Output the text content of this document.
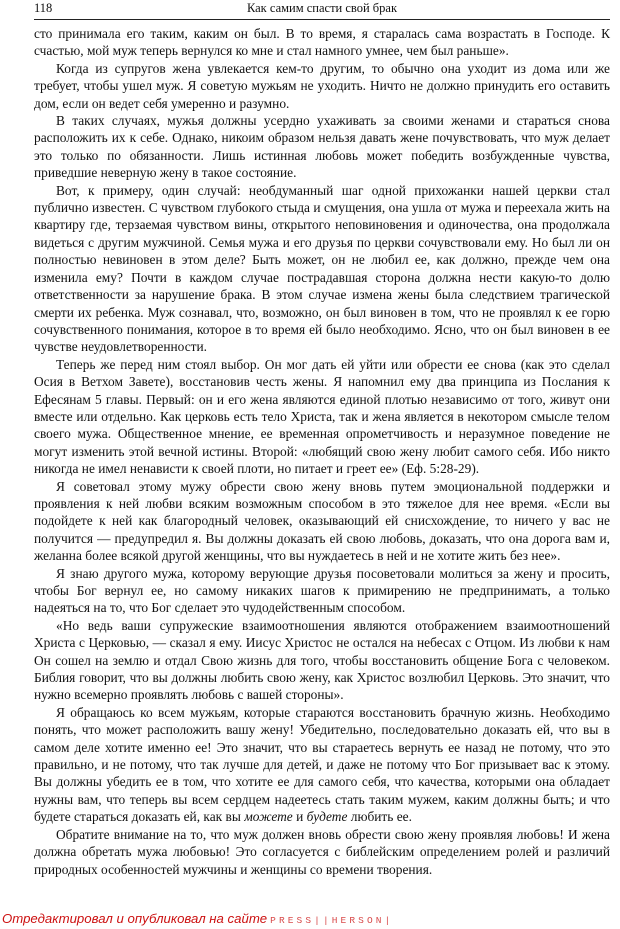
118	Как самим спасти свой брак

сто принимала его таким, каким он был. В то время, я старалась сама возрастать в Господе. К счастью, мой муж теперь вернулся ко мне и стал намного умнее, чем был раньше».

Когда из супругов жена увлекается кем-то другим, то обычно она уходит из дома или же требует, чтобы ушел муж. Я советую мужьям не уходить. Ничто не должно принудить его оставить дом, если он ведет себя умеренно и разумно.

В таких случаях, мужья должны усердно ухаживать за своими женами и стараться снова расположить их к себе. Однако, никоим образом нельзя давать жене почувствовать, что муж делает это только по обязанности. Лишь истинная любовь может победить возбужденные чувства, приведшие неверную жену в такое состояние.

Вот, к примеру, один случай: необдуманный шаг одной прихожанки нашей церкви стал публично известен. С чувством глубокого стыда и смущения, она ушла от мужа и переехала жить на квартиру где, терзаемая чувством вины, открытого неповиновения и одиночества, она продолжала видеться с другим мужчиной. Семья мужа и его друзья по церкви сочувствовали ему. Но был ли он полностью невиновен в этом деле? Быть может, он не любил ее, как должно, прежде чем она изменила ему? Почти в каждом случае пострадавшая сторона должна нести какую-то долю ответственности за нарушение брака. В этом случае измена жены была следствием трагической смерти их ребенка. Муж сознавал, что, возможно, он был виновен в том, что не проявлял к ее горю сочувственного понимания, которое в то время ей было необходимо. Ясно, что он был виновен в ее чувстве неудовлетворенности.

Теперь же перед ним стоял выбор. Он мог дать ей уйти или обрести ее снова (как это сделал Осия в Ветхом Завете), восстановив честь жены. Я напомнил ему два принципа из Послания к Ефесянам 5 главы. Первый: он и его жена являются единой плотью независимо от того, живут они вместе или отдельно. Как церковь есть тело Христа, так и жена является в некотором смысле телом своего мужа. Общественное мнение, ее временная опрометчивость и неразумное поведение не могут изменить этой вечной истины. Второй: «любящий свою жену любит самого себя. Ибо никто никогда не имел ненависти к своей плоти, но питает и греет ее» (Еф. 5:28-29).

Я советовал этому мужу обрести свою жену вновь путем эмоциональной поддержки и проявления к ней любви всяким возможным способом в это тяжелое для нее время. «Если вы подойдете к ней как благородный человек, оказывающий ей снисхождение, то ничего у вас не получится — предупредил я. Вы должны доказать ей свою любовь, доказать, что она дорога вам и, желанна более всякой другой женщины, что вы нуждаетесь в ней и не хотите жить без нее».

Я знаю другого мужа, которому верующие друзья посоветовали молиться за жену и просить, чтобы Бог вернул ее, но самому никаких шагов к примирению не предпринимать, а только надеяться на то, что Бог сделает это чудодейственным способом.

«Но ведь ваши супружеские взаимоотношения являются отображением взаимоотношений Христа с Церковью, — сказал я ему. Иисус Христос не остался на небесах с Отцом. Из любви к нам Он сошел на землю и отдал Свою жизнь для того, чтобы восстановить общение Бога с человеком. Библия говорит, что вы должны любить свою жену, как Христос возлюбил Церковь. Это значит, что нужно всемерно проявлять любовь с вашей стороны».

Я обращаюсь ко всем мужьям, которые стараются восстановить брачную жизнь. Необходимо понять, что может расположить вашу жену! Убедительно, последовательно доказать ей, что вы в самом деле хотите именно ее! Это значит, что вы стараетесь вернуть ее назад не потому, что это правильно, и не потому, что так лучше для детей, и даже не потому что Бог призывает вас к этому. Вы должны убедить ее в том, что хотите ее для самого себя, что качества, которыми она обладает нужны вам, что теперь вы всем сердцем надеетесь стать таким мужем, каким должны быть; и что будете стараться доказать ей, как вы можете и будете любить ее.

Обратите внимание на то, что муж должен вновь обрести свою жену проявляя любовь! И жена должна обретать мужа любовью! Это согласуется с библейским определением ролей и различий природных особенностей мужчины и женщины со времени творения.

Отредактировал и опубликовал на сайте PRESS||HERSON|
